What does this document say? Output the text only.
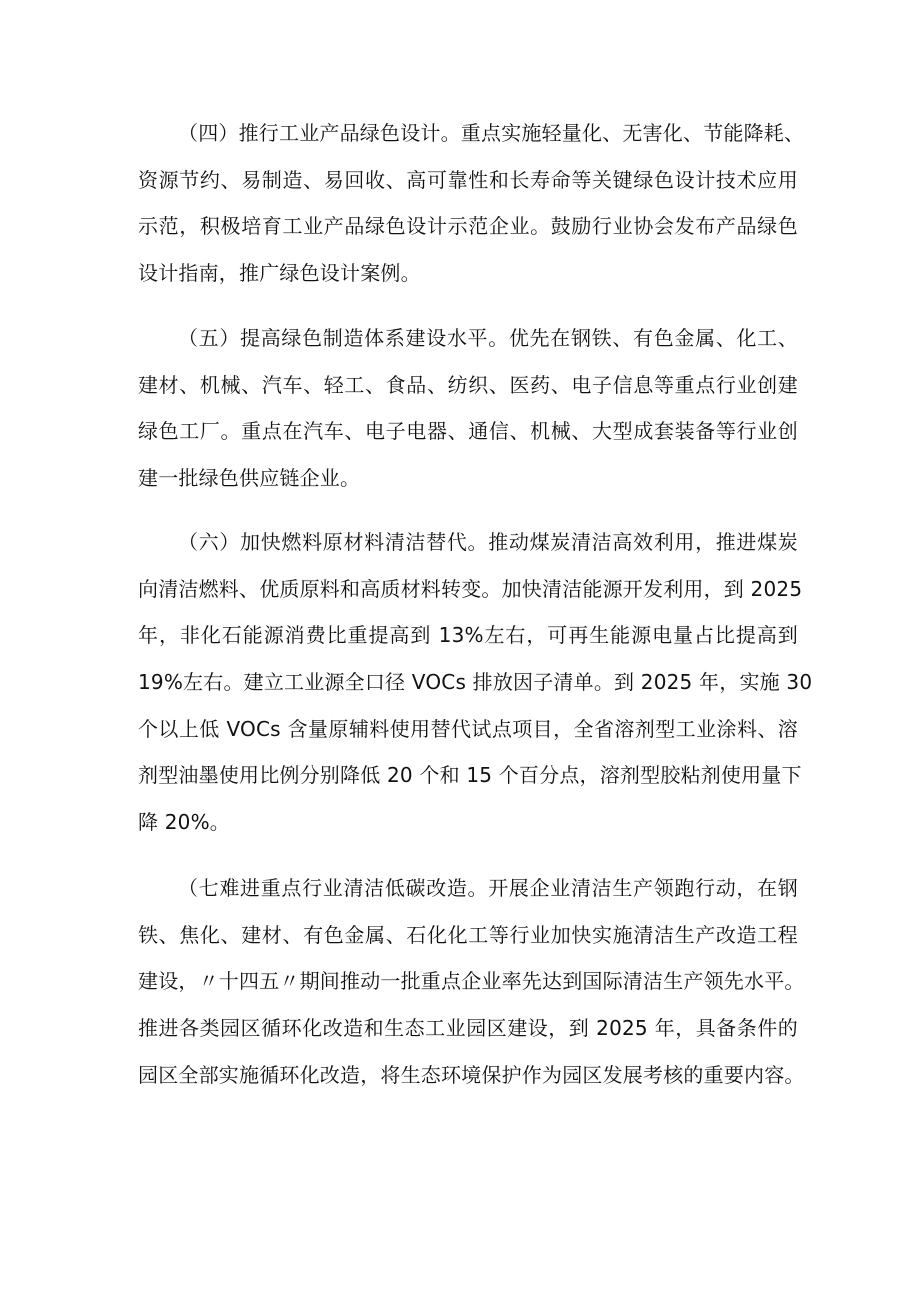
（四）推行工业产品绿色设计。重点实施轻量化、无害化、节能降耗、
资源节约、易制造、易回收、高可靠性和长寿命等关键绿色设计技术应用
示范，积极培育工业产品绿色设计示范企业。鼓励行业协会发布产品绿色
设计指南，推广绿色设计案例。
（五）提高绿色制造体系建设水平。优先在钢铁、有色金属、化工、
建材、机械、汽车、轻工、食品、纺织、医药、电子信息等重点行业创建
绿色工厂。重点在汽车、电子电器、通信、机械、大型成套装备等行业创
建一批绿色供应链企业。
（六）加快燃料原材料清洁替代。推动煤炭清洁高效利用，推进煤炭
向清洁燃料、优质原料和高质材料转变。加快清洁能源开发利用，到 2025
年，非化石能源消费比重提高到 13%左右，可再生能源电量占比提高到
19%左右。建立工业源全口径 VOCs 排放因子清单。到 2025 年，实施 30
个以上低 VOCs 含量原辅料使用替代试点项目，全省溶剂型工业涂料、溶
剂型油墨使用比例分别降低 20 个和 15 个百分点，溶剂型胶粘剂使用量下
降 20%。
（七难进重点行业清洁低碳改造。开展企业清洁生产领跑行动，在钢
铁、焦化、建材、有色金属、石化化工等行业加快实施清洁生产改造工程
建设，〃十四五〃期间推动一批重点企业率先达到国际清洁生产领先水平。
推进各类园区循环化改造和生态工业园区建设，到 2025 年，具备条件的
园区全部实施循环化改造，将生态环境保护作为园区发展考核的重要内容。
